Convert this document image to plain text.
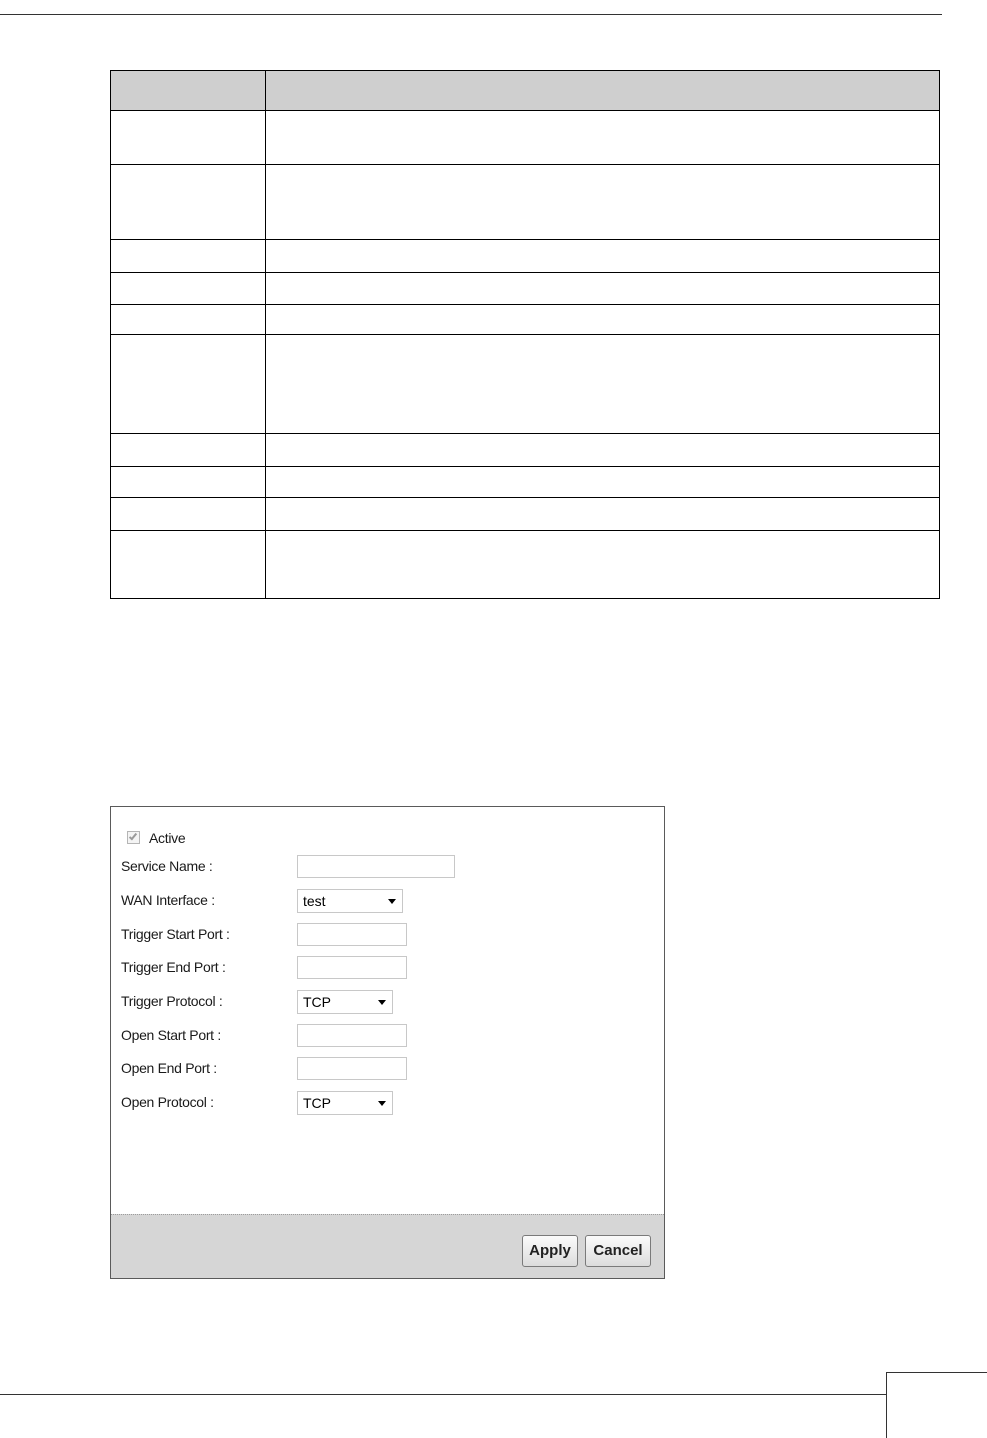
Active
Service Name :
WAN Interface :	test
Trigger Start Port :
Trigger End Port :
Trigger Protocol :	TCP
Open Start Port :
Open End Port :
Open Protocol :	TCP
Apply	Cancel
